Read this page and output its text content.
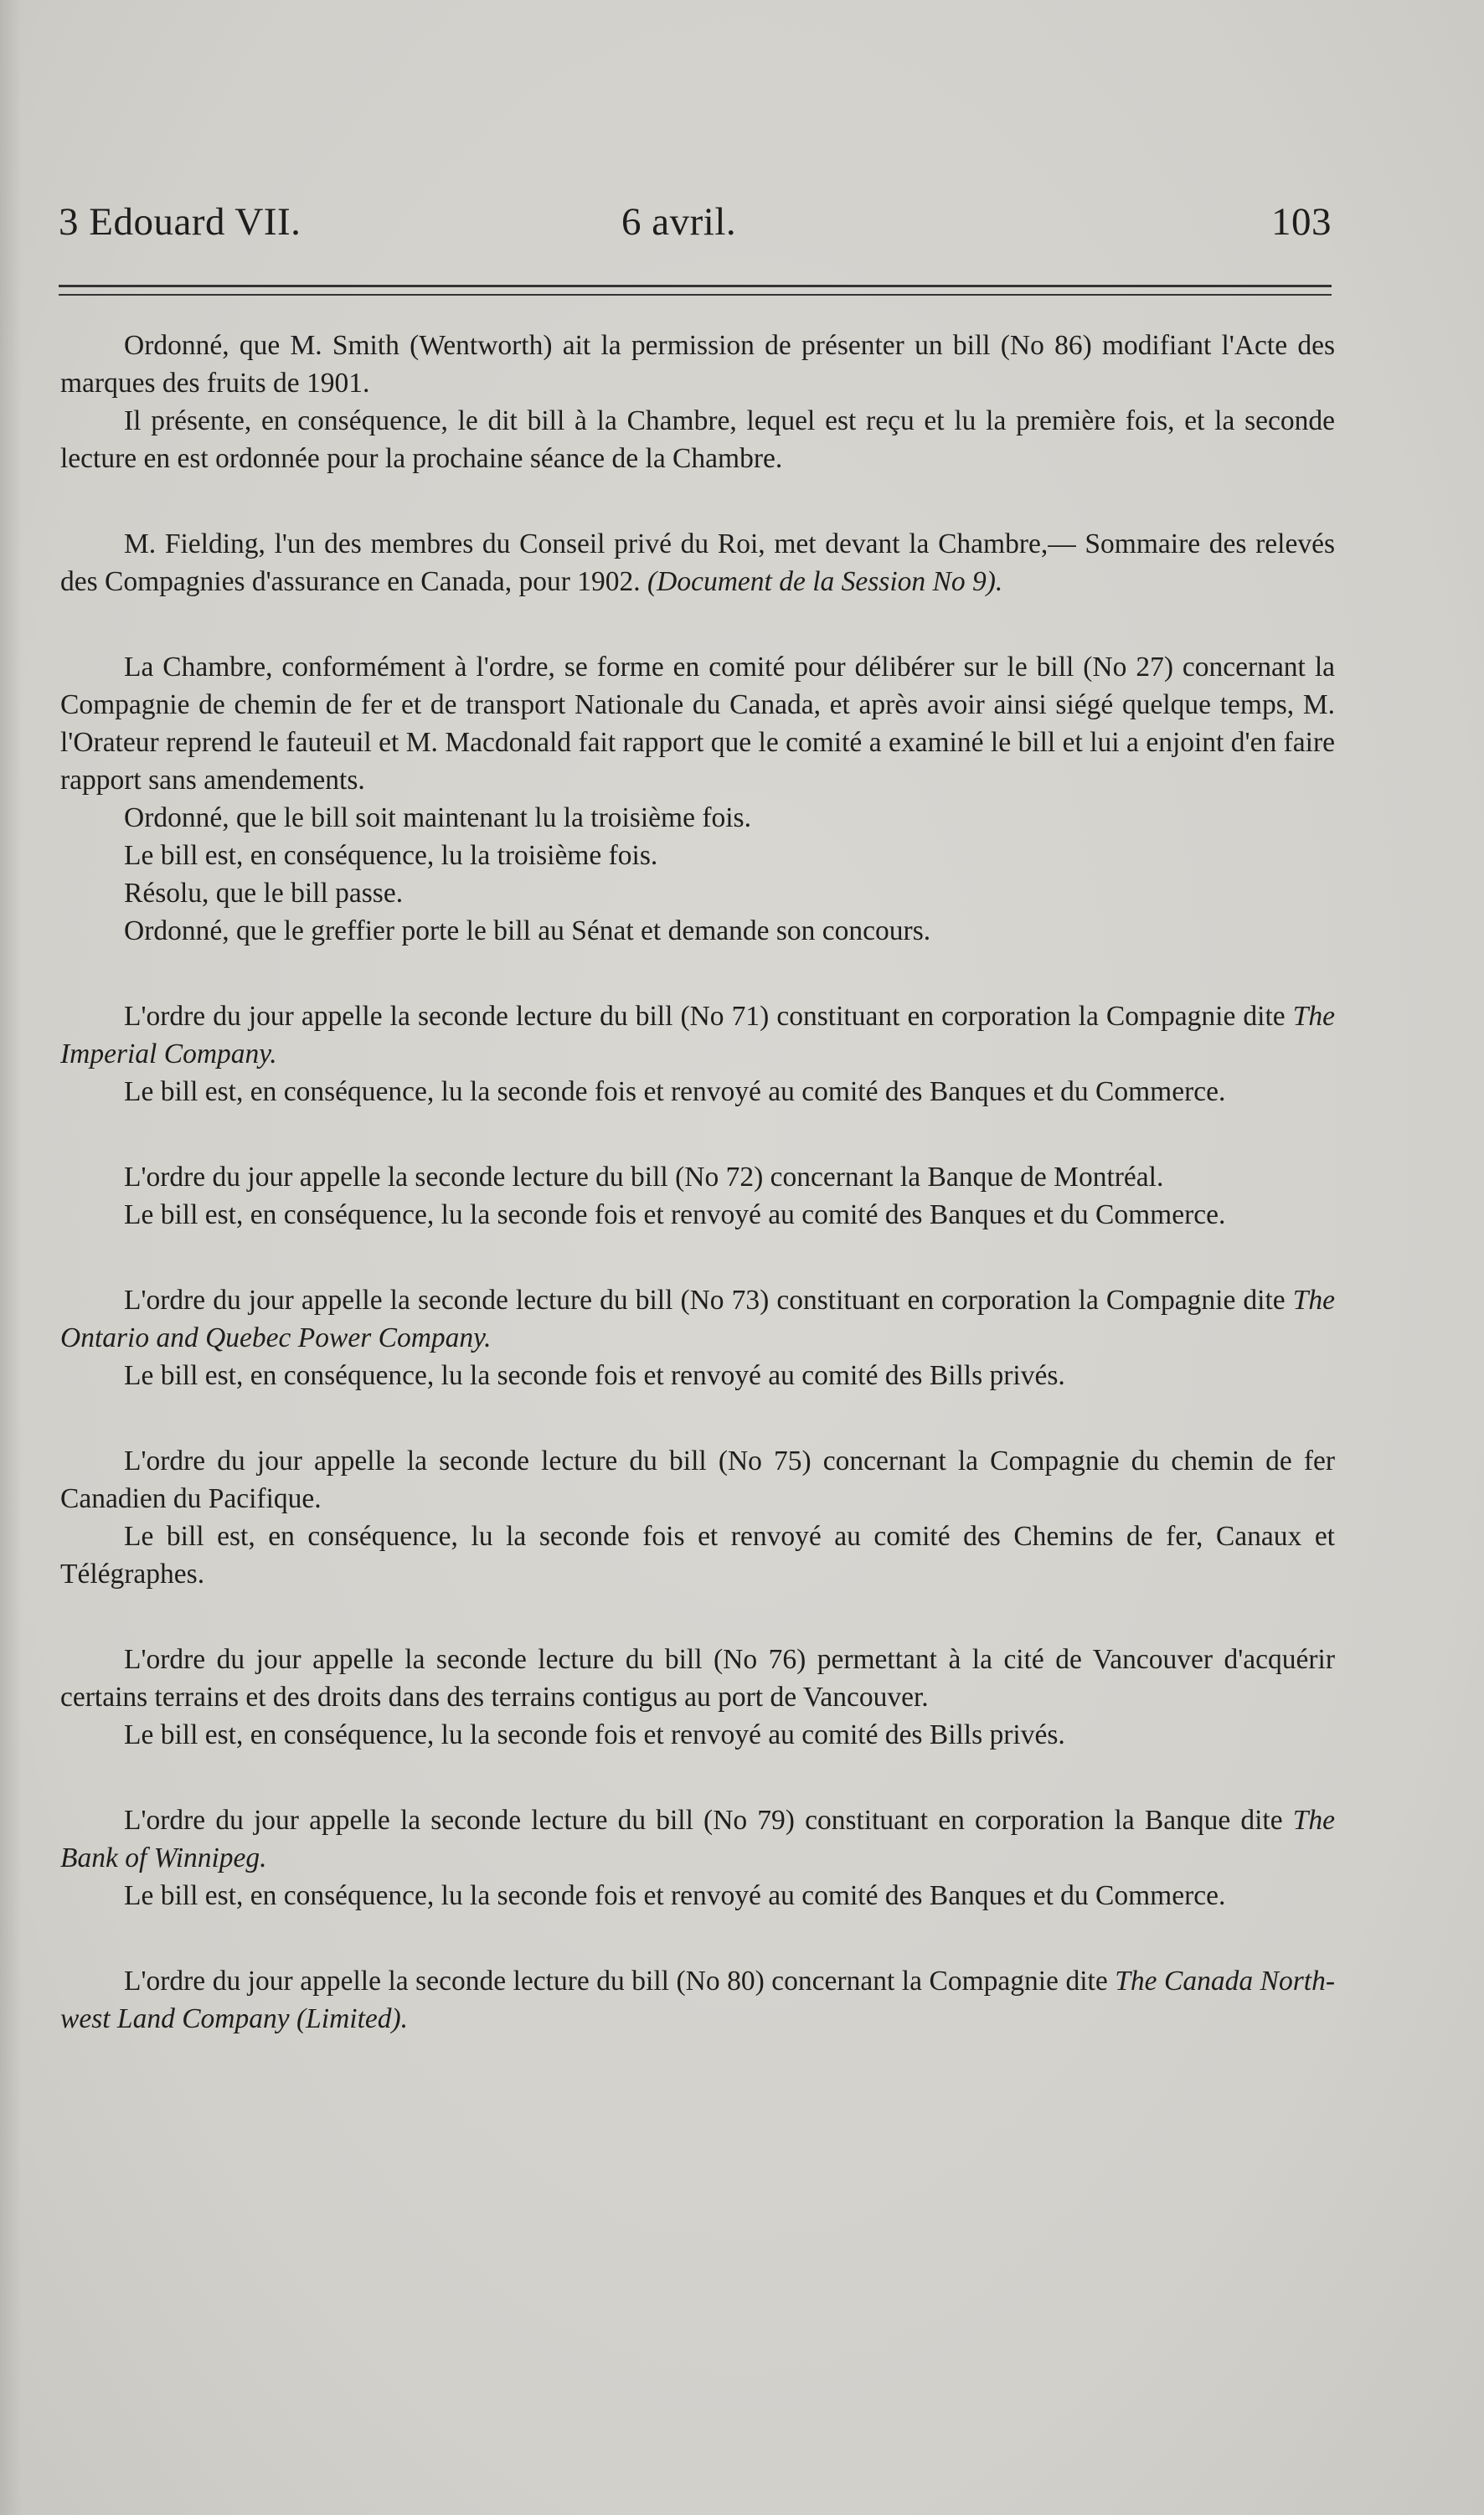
3 Edouard VII.	6 avril.	103

Ordonné, que M. Smith (Wentworth) ait la permission de présenter un bill (No 86) modifiant l'Acte des marques des fruits de 1901.

Il présente, en conséquence, le dit bill à la Chambre, lequel est reçu et lu la première fois, et la seconde lecture en est ordonnée pour la prochaine séance de la Chambre.

M. Fielding, l'un des membres du Conseil privé du Roi, met devant la Chambre,— Sommaire des relevés des Compagnies d'assurance en Canada, pour 1902. (Document de la Session No 9).

La Chambre, conformément à l'ordre, se forme en comité pour délibérer sur le bill (No 27) concernant la Compagnie de chemin de fer et de transport Nationale du Canada, et après avoir ainsi siégé quelque temps, M. l'Orateur reprend le fauteuil et M. Macdonald fait rapport que le comité a examiné le bill et lui a enjoint d'en faire rapport sans amendements.

Ordonné, que le bill soit maintenant lu la troisième fois.

Le bill est, en conséquence, lu la troisième fois.

Résolu, que le bill passe.

Ordonné, que le greffier porte le bill au Sénat et demande son concours.

L'ordre du jour appelle la seconde lecture du bill (No 71) constituant en corporation la Compagnie dite The Imperial Company.

Le bill est, en conséquence, lu la seconde fois et renvoyé au comité des Banques et du Commerce.

L'ordre du jour appelle la seconde lecture du bill (No 72) concernant la Banque de Montréal.

Le bill est, en conséquence, lu la seconde fois et renvoyé au comité des Banques et du Commerce.

L'ordre du jour appelle la seconde lecture du bill (No 73) constituant en corporation la Compagnie dite The Ontario and Quebec Power Company.

Le bill est, en conséquence, lu la seconde fois et renvoyé au comité des Bills privés.

L'ordre du jour appelle la seconde lecture du bill (No 75) concernant la Compagnie du chemin de fer Canadien du Pacifique.

Le bill est, en conséquence, lu la seconde fois et renvoyé au comité des Chemins de fer, Canaux et Télégraphes.

L'ordre du jour appelle la seconde lecture du bill (No 76) permettant à la cité de Vancouver d'acquérir certains terrains et des droits dans des terrains contigus au port de Vancouver.

Le bill est, en conséquence, lu la seconde fois et renvoyé au comité des Bills privés.

L'ordre du jour appelle la seconde lecture du bill (No 79) constituant en corporation la Banque dite The Bank of Winnipeg.

Le bill est, en conséquence, lu la seconde fois et renvoyé au comité des Banques et du Commerce.

L'ordre du jour appelle la seconde lecture du bill (No 80) concernant la Compagnie dite The Canada North-west Land Company (Limited).
